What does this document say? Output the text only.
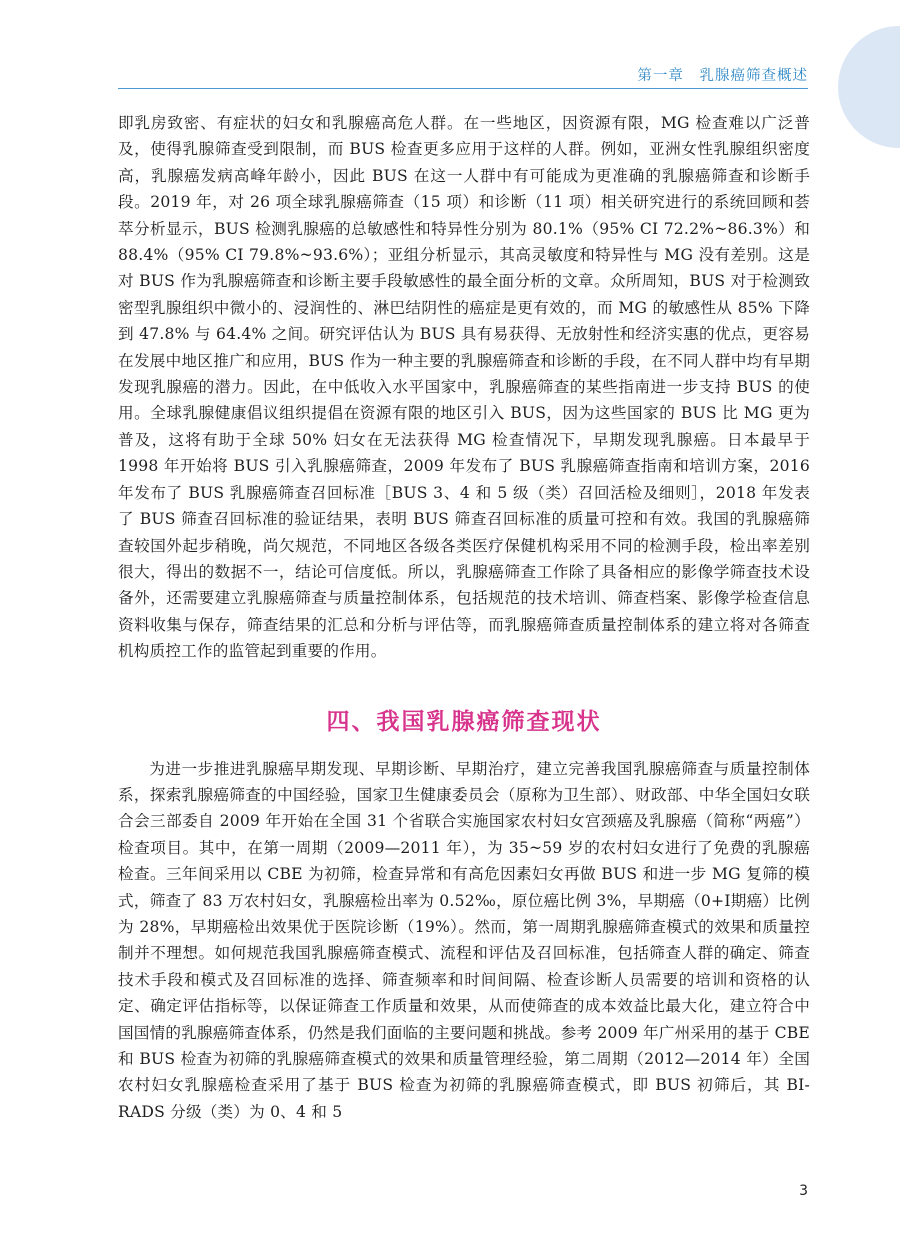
第一章 乳腺癌筛查概述

即乳房致密、有症状的妇女和乳腺癌高危人群。在一些地区，因资源有限，MG 检查难以广泛普及，使得乳腺筛查受到限制，而 BUS 检查更多应用于这样的人群。例如，亚洲女性乳腺组织密度高，乳腺癌发病高峰年龄小，因此 BUS 在这一人群中有可能成为更准确的乳腺癌筛查和诊断手段。2019 年，对 26 项全球乳腺癌筛查（15 项）和诊断（11 项）相关研究进行的系统回顾和荟萃分析显示，BUS 检测乳腺癌的总敏感性和特异性分别为 80.1%（95% CI 72.2%~86.3%）和 88.4%（95% CI 79.8%~93.6%）；亚组分析显示，其高灵敏度和特异性与 MG 没有差别。这是对 BUS 作为乳腺癌筛查和诊断主要手段敏感性的最全面分析的文章。众所周知，BUS 对于检测致密型乳腺组织中微小的、浸润性的、淋巴结阴性的癌症是更有效的，而 MG 的敏感性从 85% 下降到 47.8% 与 64.4% 之间。研究评估认为 BUS 具有易获得、无放射性和经济实惠的优点，更容易在发展中地区推广和应用，BUS 作为一种主要的乳腺癌筛查和诊断的手段，在不同人群中均有早期发现乳腺癌的潜力。因此，在中低收入水平国家中，乳腺癌筛查的某些指南进一步支持 BUS 的使用。全球乳腺健康倡议组织提倡在资源有限的地区引入 BUS，因为这些国家的 BUS 比 MG 更为普及，这将有助于全球 50% 妇女在无法获得 MG 检查情况下，早期发现乳腺癌。日本最早于 1998 年开始将 BUS 引入乳腺癌筛查，2009 年发布了 BUS 乳腺癌筛查指南和培训方案，2016 年发布了 BUS 乳腺癌筛查召回标准［BUS 3、4 和 5 级（类）召回活检及细则］，2018 年发表了 BUS 筛查召回标准的验证结果，表明 BUS 筛查召回标准的质量可控和有效。我国的乳腺癌筛查较国外起步稍晚，尚欠规范，不同地区各级各类医疗保健机构采用不同的检测手段，检出率差别很大，得出的数据不一，结论可信度低。所以，乳腺癌筛查工作除了具备相应的影像学筛查技术设备外，还需要建立乳腺癌筛查与质量控制体系，包括规范的技术培训、筛查档案、影像学检查信息资料收集与保存，筛查结果的汇总和分析与评估等，而乳腺癌筛查质量控制体系的建立将对各筛查机构质控工作的监管起到重要的作用。

四、我国乳腺癌筛查现状

为进一步推进乳腺癌早期发现、早期诊断、早期治疗，建立完善我国乳腺癌筛查与质量控制体系，探索乳腺癌筛查的中国经验，国家卫生健康委员会（原称为卫生部）、财政部、中华全国妇女联合会三部委自 2009 年开始在全国 31 个省联合实施国家农村妇女宫颈癌及乳腺癌（简称“两癌”）检查项目。其中，在第一周期（2009—2011 年），为 35~59 岁的农村妇女进行了免费的乳腺癌检查。三年间采用以 CBE 为初筛，检查异常和有高危因素妇女再做 BUS 和进一步 MG 复筛的模式，筛查了 83 万农村妇女，乳腺癌检出率为 0.52‰，原位癌比例 3%，早期癌（0+Ⅰ期癌）比例为 28%，早期癌检出效果优于医院诊断（19%）。然而，第一周期乳腺癌筛查模式的效果和质量控制并不理想。如何规范我国乳腺癌筛查模式、流程和评估及召回标准，包括筛查人群的确定、筛查技术手段和模式及召回标准的选择、筛查频率和时间间隔、检查诊断人员需要的培训和资格的认定、确定评估指标等，以保证筛查工作质量和效果，从而使筛查的成本效益比最大化，建立符合中国国情的乳腺癌筛查体系，仍然是我们面临的主要问题和挑战。参考 2009 年广州采用的基于 CBE 和 BUS 检查为初筛的乳腺癌筛查模式的效果和质量管理经验，第二周期（2012—2014 年）全国农村妇女乳腺癌检查采用了基于 BUS 检查为初筛的乳腺癌筛查模式，即 BUS 初筛后，其 BI-RADS 分级（类）为 0、4 和 5

3
